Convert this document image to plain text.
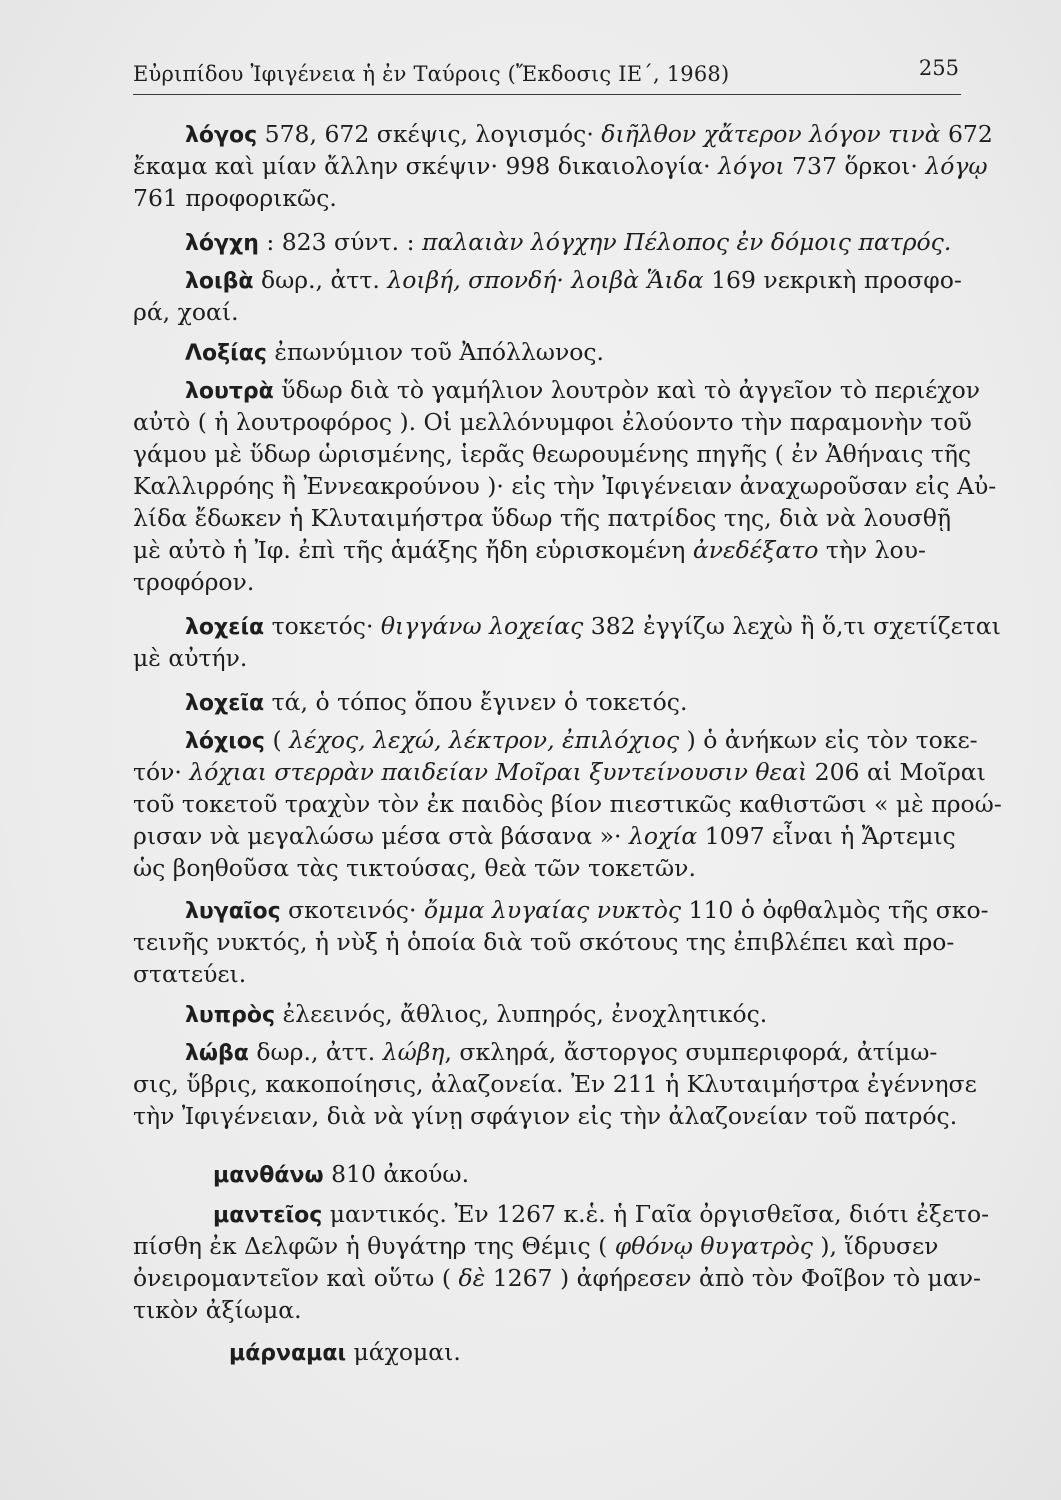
Εὐριπίδου Ἰφιγένεια ἡ ἐν Ταύροις (Ἔκδοσις ΙΕ´, 1968)	255
λόγος 578, 672 σκέψις, λογισμός· διῆλθον χἄτερον λόγον τινὰ 672
ἔκαμα καὶ μίαν ἄλλην σκέψιν· 998 δικαιολογία· λόγοι 737 ὅρκοι· λόγῳ
761 προφορικῶς.
λόγχη : 823 σύντ. : παλαιὰν λόγχην Πέλοπος ἐν δόμοις πατρός.
λοιβὰ δωρ., ἀττ. λοιβή, σπονδή· λοιβὰ Ἅιδα 169 νεκρικὴ προσφο-
ρά, χοαί.
Λοξίας ἐπωνύμιον τοῦ Ἀπόλλωνος.
λουτρὰ ὕδωρ διὰ τὸ γαμήλιον λουτρὸν καὶ τὸ ἀγγεῖον τὸ περιέχον
αὐτὸ ( ἡ λουτροφόρος ). Οἱ μελλόνυμφοι ἐλούοντο τὴν παραμονὴν τοῦ
γάμου μὲ ὕδωρ ὡρισμένης, ἱερᾶς θεωρουμένης πηγῆς ( ἐν Ἀθήναις τῆς
Καλλιρρόης ἢ Ἐννεακρούνου )· εἰς τὴν Ἰφιγένειαν ἀναχωροῦσαν εἰς Αὐ-
λίδα ἔδωκεν ἡ Κλυταιμήστρα ὕδωρ τῆς πατρίδος της, διὰ νὰ λουσθῇ
μὲ αὐτὸ ἡ Ἰφ. ἐπὶ τῆς ἁμάξης ἤδη εὑρισκομένη ἀνεδέξατο τὴν λου-
τροφόρον.
λοχεία τοκετός· θιγγάνω λοχείας 382 ἐγγίζω λεχὼ ἢ ὅ,τι σχετίζεται
μὲ αὐτήν.
λοχεῖα τά, ὁ τόπος ὅπου ἔγινεν ὁ τοκετός.
λόχιος ( λέχος, λεχώ, λέκτρον, ἐπιλόχιος ) ὁ ἀνήκων εἰς τὸν τοκε-
τόν· λόχιαι στερρὰν παιδείαν Μοῖραι ξυντείνουσιν θεαὶ 206 αἱ Μοῖραι
τοῦ τοκετοῦ τραχὺν τὸν ἐκ παιδὸς βίον πιεστικῶς καθιστῶσι « μὲ προώ-
ρισαν νὰ μεγαλώσω μέσα στὰ βάσανα »· λοχία 1097 εἶναι ἡ Ἄρτεμις
ὡς βοηθοῦσα τὰς τικτούσας, θεὰ τῶν τοκετῶν.
λυγαῖος σκοτεινός· ὄμμα λυγαίας νυκτὸς 110 ὁ ὀφθαλμὸς τῆς σκο-
τεινῆς νυκτός, ἡ νὺξ ἡ ὁποία διὰ τοῦ σκότους της ἐπιβλέπει καὶ προ-
στατεύει.
λυπρὸς ἐλεεινός, ἄθλιος, λυπηρός, ἐνοχλητικός.
λώβα δωρ., ἀττ. λώβη, σκληρά, ἄστοργος συμπεριφορά, ἀτίμω-
σις, ὕβρις, κακοποίησις, ἀλαζονεία. Ἐν 211 ἡ Κλυταιμήστρα ἐγέννησε
τὴν Ἰφιγένειαν, διὰ νὰ γίνῃ σφάγιον εἰς τὴν ἀλαζονείαν τοῦ πατρός.
μανθάνω 810 ἀκούω.
μαντεῖος μαντικός. Ἐν 1267 κ.ἑ. ἡ Γαῖα ὀργισθεῖσα, διότι ἐξετο-
πίσθη ἐκ Δελφῶν ἡ θυγάτηρ της Θέμις ( φθόνῳ θυγατρὸς ), ἵδρυσεν
ὀνειρομαντεῖον καὶ οὕτω ( δὲ 1267 ) ἀφήρεσεν ἀπὸ τὸν Φοῖβον τὸ μαν-
τικὸν ἀξίωμα.
μάρναμαι μάχομαι.
